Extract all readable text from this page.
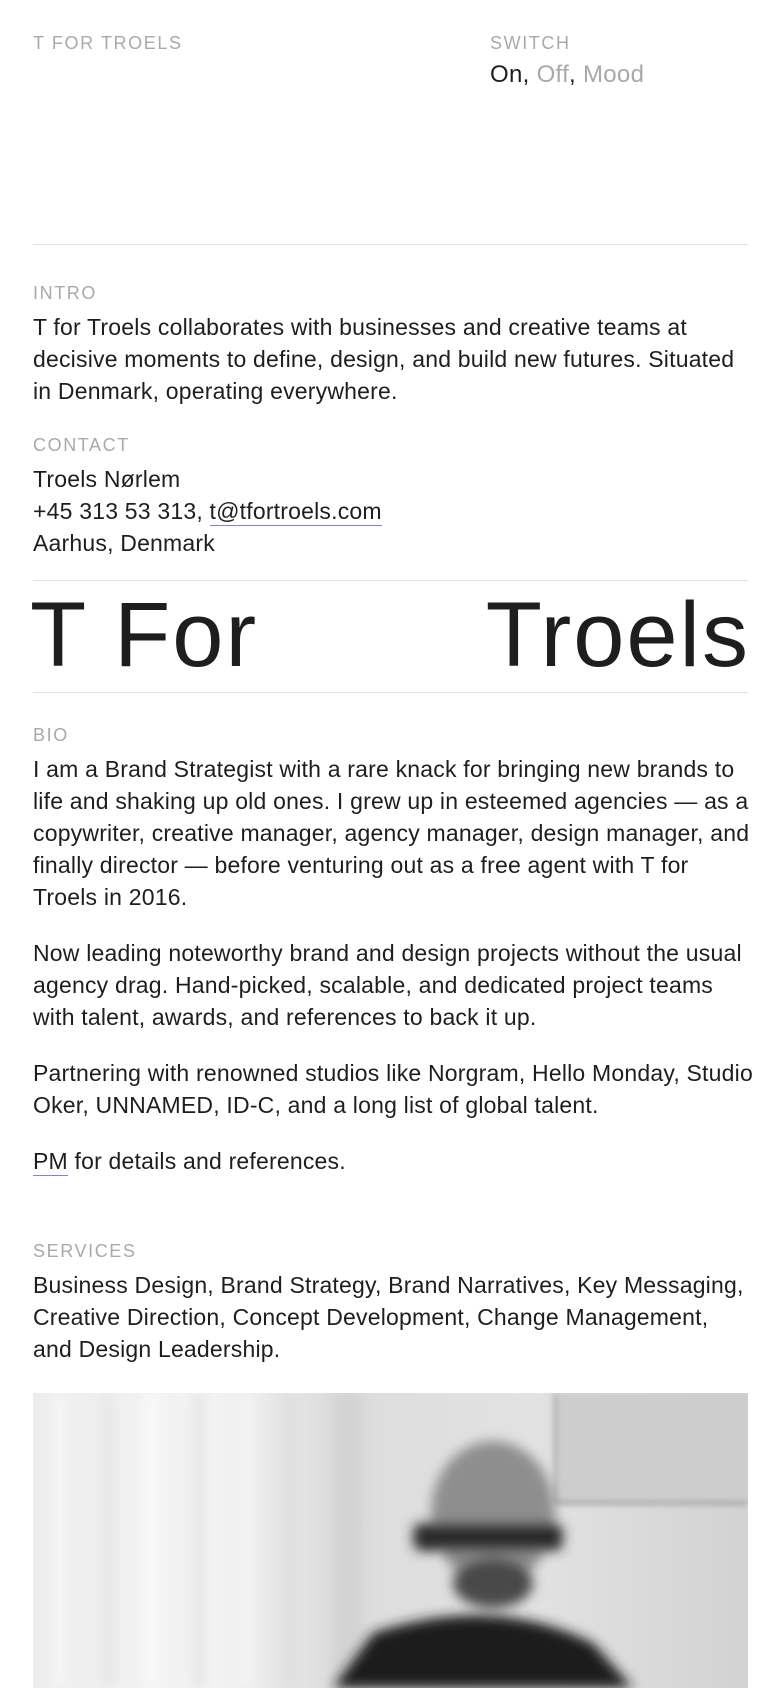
T FOR TROELS	SWITCH
On, Off, Mood
INTRO

T for Troels collaborates with businesses and creative teams at decisive moments to define, design, and build new futures. Situated in Denmark, operating everywhere.

CONTACT
Troels Nørlem
+45 313 53 313, t@tfortroels.com
Aarhus, Denmark
T For Troels
BIO

I am a Brand Strategist with a rare knack for bringing new brands to life and shaking up old ones. I grew up in esteemed agencies — as a copywriter, creative manager, agency manager, design manager, and finally director — before venturing out as a free agent with T for Troels in 2016.

Now leading noteworthy brand and design projects without the usual agency drag. Hand-picked, scalable, and dedicated project teams with talent, awards, and references to back it up.

Partnering with renowned studios like Norgram, Hello Monday, Studio Oker, UNNAMED, ID-C, and a long list of global talent.

PM for details and references.

SERVICES

Business Design, Brand Strategy, Brand Narratives, Key Messaging, Creative Direction, Concept Development, Change Management, and Design Leadership.
